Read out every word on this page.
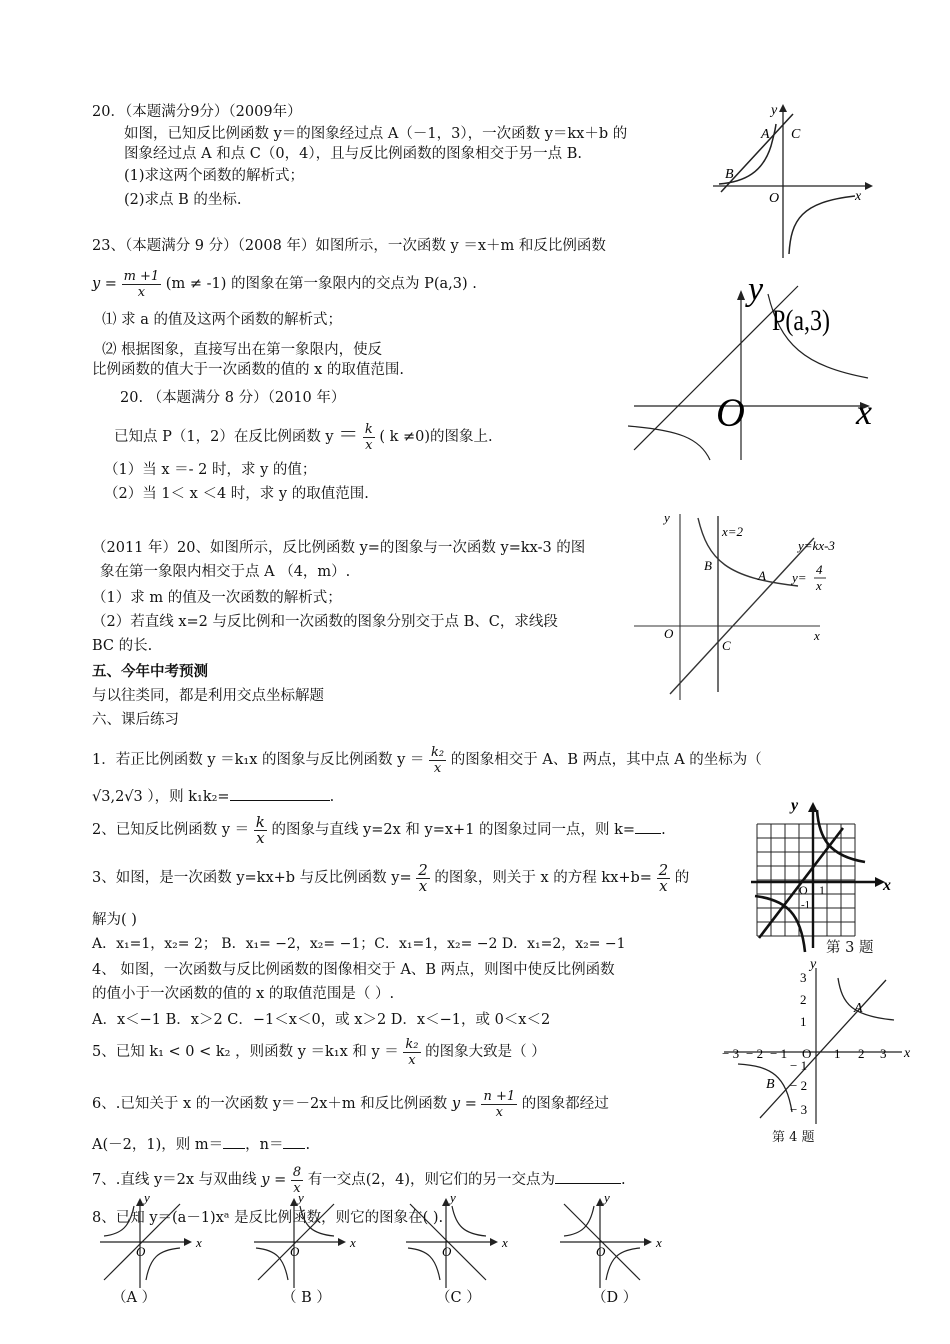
20．（本题满分9分）（2009年）
如图，已知反比例函数 y＝的图象经过点 A（－1，3），一次函数 y＝kx＋b 的
图象经过点 A 和点 C（0，4），且与反比例函数的图象相交于另一点 B.
(1)求这两个函数的解析式；
(2)求点 B 的坐标.
y
A C
B
O	x
23、（本题满分 9 分）（2008 年）如图所示，一次函数 y ＝x＋m 和反比例函数
$y = \frac{m +1}{x} (m \ne -1)$ 的图象在第一象限内的交点为 P(a,3) .
⑴ 求 a 的值及这两个函数的解析式；
⑵ 根据图象，直接写出在第一象限内，使反
比例函数的值大于一次函数的值的 x 的取值范围.
y
P(a,3)
O	x
20. （本题满分 8 分）（2010 年）
已知点 P（1，2）在反比例函数 $y = \frac{k}{x}$ ( k ≠0)的图象上.
（1）当 x ＝- 2 时，求 y 的值；
（2）当 1＜ x ＜4 时，求 y 的取值范围.
（2011 年）20、如图所示，反比例函数 y=的图象与一次函数 y=kx-3 的图
象在第一象限内相交于点 A （4，m）.
（1）求 m 的值及一次函数的解析式；
（2）若直线 x=2 与反比例和一次函数的图象分别交于点 B、C，求线段
BC 的长.
x
y
x=2
y=kx-3
y=
4
x
A
B
C
O
五、今年中考预测
与以往类同，都是利用交点坐标解题
六、课后练习
1．若正比例函数 y ＝k₁x 的图象与反比例函数 $y = \frac{\text{k₂}}{x}$ 的图象相交于 A、B 两点，其中点 A 的坐标为（
√3,2√3 ），则 k₁k₂=	.
2、已知反比例函数 $y = \frac{k}{x}$ 的图象与直线 y=2x 和 y=x+1 的图象过同一点，则 k= .
3、如图，是一次函数 y=kx+b 与反比例函数 $y= \frac{2}{x}$ 的图象，则关于 x 的方程 $kx+b= \frac{2}{x}$ 的
解为( )
A．x₁=1，x₂= 2； B．x₁= −2，x₂= −1；C．x₁=1，x₂= −2 D．x₁=2，x₂= −1
y
x
O 1
-1
第 3 题
4、 如图，一次函数与反比例函数的图像相交于 A、B 两点，则图中使反比例函数
的值小于一次函数的值的 x 的取值范围是（ ）.
A．x＜−1 B．x＞2 C．−1＜x＜0，或 x＞2 D．x＜−1，或 0＜x＜2
x
y
− 3 − 2 − 1 O 1 2 3
3
2
1
− 1
− 2
− 3
A
B
第 4 题
5、已知 k₁ < 0 < k₂ ，则函数 y ＝k₁x 和 $y = \frac{\text{k₂}}{x}$ 的图象大致是（ ）
6、.已知关于 x 的一次函数 y＝－2x＋m 和反比例函数 $y = \frac{n +1}{x}$ 的图象都经过
A(－2，1)，则 m＝ ，n＝ .
7、.直线 y＝2x 与双曲线 $y = \frac{8}{x}$ 有一交点(2，4)，则它们的另一交点为	.
8、已知 y＝(a－1)xᵃ 是反比例函数，则它的图象在( ).
x
y
O
x
y
O
x
y
O
x
y
O
（A ）	（ B ）	（C ）	（D ）
